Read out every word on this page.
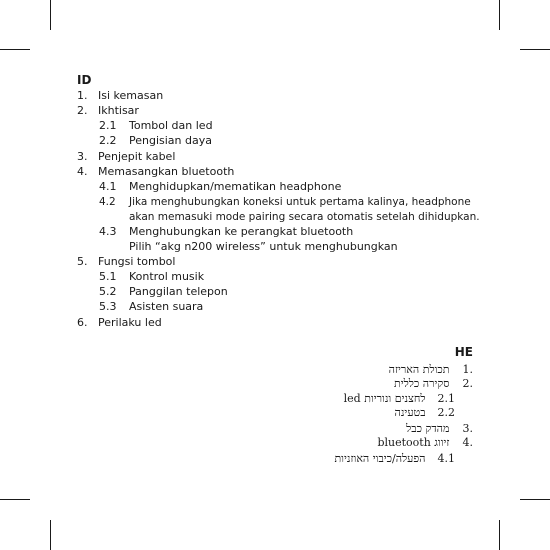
ID
1. Isi kemasan
2. Ikhtisar
2.1 Tombol dan led
2.2 Pengisian daya
3. Penjepit kabel
4. Memasangkan bluetooth
4.1 Menghidupkan/mematikan headphone
4.2 Jika menghubungkan koneksi untuk pertama kalinya, headphone
akan memasuki mode pairing secara otomatis setelah dihidupkan.
4.3 Menghubungkan ke perangkat bluetooth
Pilih “akg n200 wireless” untuk menghubungkan
5. Fungsi tombol
5.1 Kontrol musik
5.2 Panggilan telepon
5.3 Asisten suara
6. Perilaku led
HE
.1 תכולת האריזה
.2 סקירה כללית
2.1 לחצנים ונוריות led
2.2 בטעינה
.3 מהדק כבל
.4 זיווג bluetooth
4.1 הפעלה/כיבוי האוזניות
